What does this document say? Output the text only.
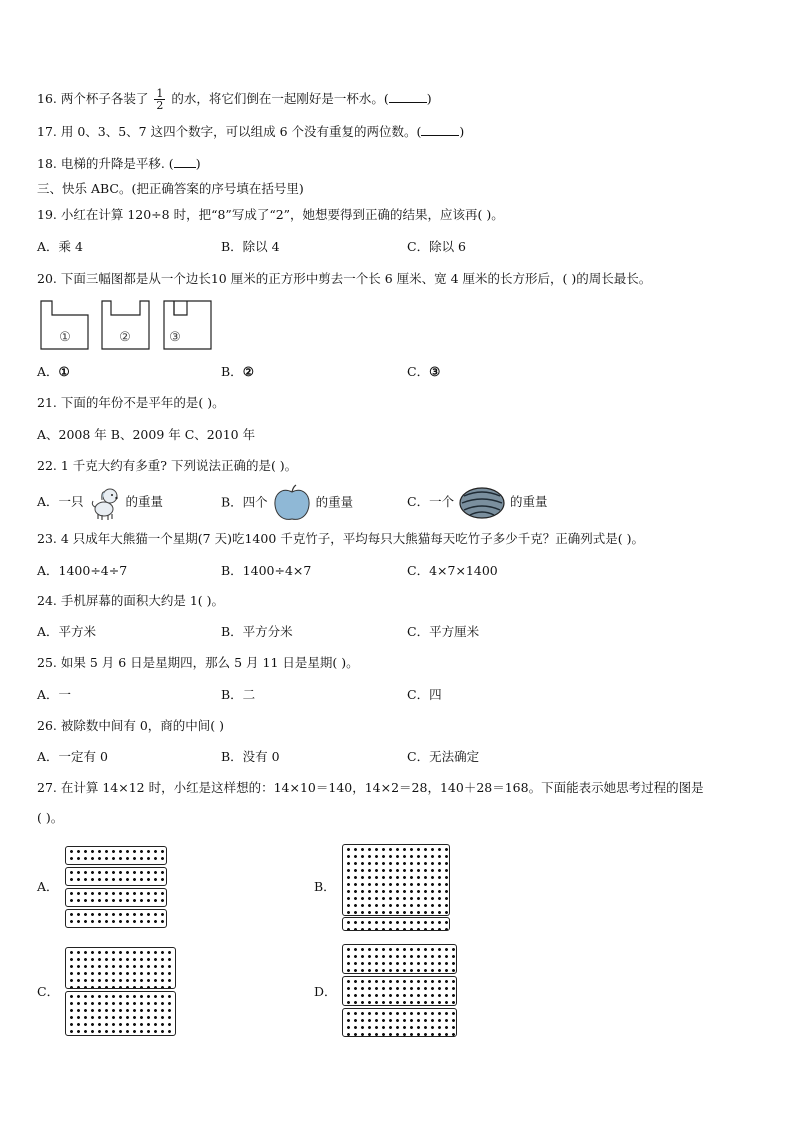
16. 两个杯子各装了 $\frac{1}{2}$ 的水，将它们倒在一起刚好是一杯水。(	)
17. 用 0、3、5、7 这四个数字，可以组成 6 个没有重复的两位数。(	)
18. 电梯的升降是平移. ( )
三、快乐 ABC。(把正确答案的序号填在括号里)
19. 小红在计算 120÷8 时，把“8”写成了“2”，她想要得到正确的结果，应该再( )。
A．乘 4	B．除以 4	C．除以 6
20. 下面三幅图都是从一个边长10 厘米的正方形中剪去一个长 6 厘米、宽 4 厘米的长方形后，( )的周长最长。
①	②	③
A．①	B．②	C．③
21. 下面的年份不是平年的是( )。
A、2008 年 B、2009 年 C、2010 年
22. 1 千克大约有多重? 下列说法正确的是( )。
A．一只	的重量	B．四个	的重量	C．一个	的重量
23. 4 只成年大熊猫一个星期(7 天)吃1400 千克竹子，平均每只大熊猫每天吃竹子多少千克？正确列式是( )。
A．1400÷4÷7	B．1400÷4×7	C．4×7×1400
24. 手机屏幕的面积大约是 1( )。
A．平方米	B．平方分米	C．平方厘米
25. 如果 5 月 6 日是星期四，那么 5 月 11 日是星期( )。
A．一	B．二	C．四
26. 被除数中间有 0，商的中间( )
A．一定有 0	B．没有 0	C．无法确定
27. 在计算 14×12 时，小红是这样想的：14×10＝140，14×2＝28，140＋28＝168。下面能表示她思考过程的图是
( )。
A．	B．
C．	D．
